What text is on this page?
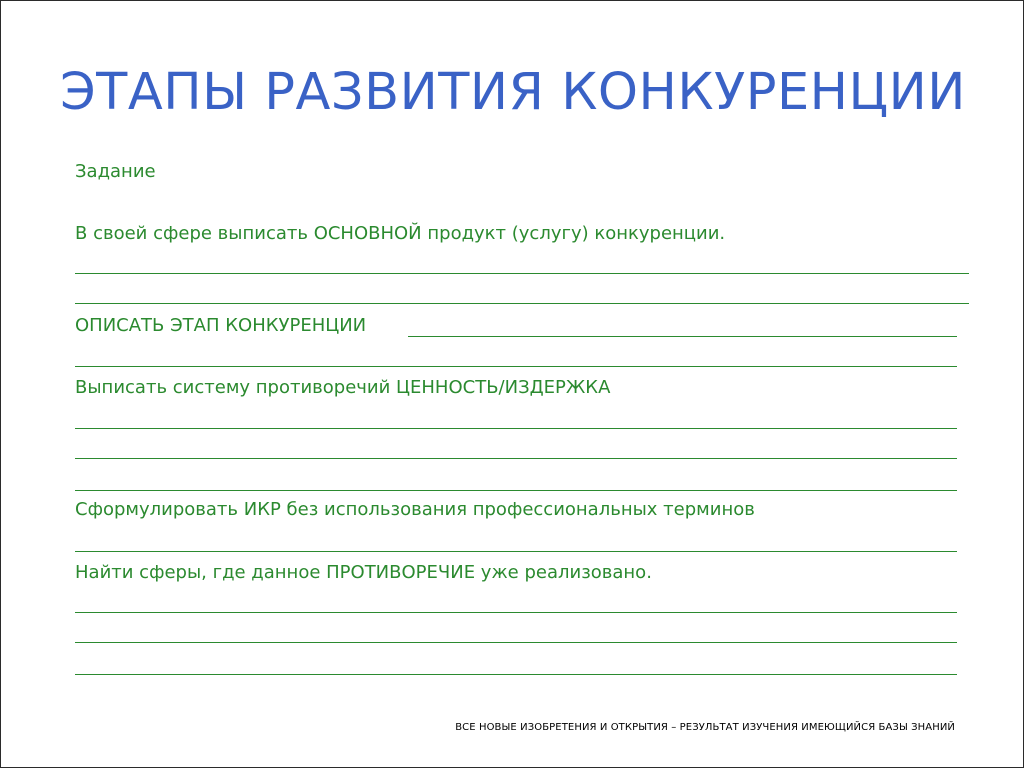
ЭТАПЫ РАЗВИТИЯ КОНКУРЕНЦИИ
Задание
В своей сфере выписать ОСНОВНОЙ продукт (услугу) конкуренции.
ОПИСАТЬ ЭТАП КОНКУРЕНЦИИ
Выписать систему противоречий ЦЕННОСТЬ/ИЗДЕРЖКА
Сформулировать ИКР без использования профессиональных терминов
Найти сферы, где данное ПРОТИВОРЕЧИЕ уже реализовано.
ВСЕ НОВЫЕ ИЗОБРЕТЕНИЯ И ОТКРЫТИЯ – РЕЗУЛЬТАТ ИЗУЧЕНИЯ ИМЕЮЩИЙСЯ БАЗЫ ЗНАНИЙ
